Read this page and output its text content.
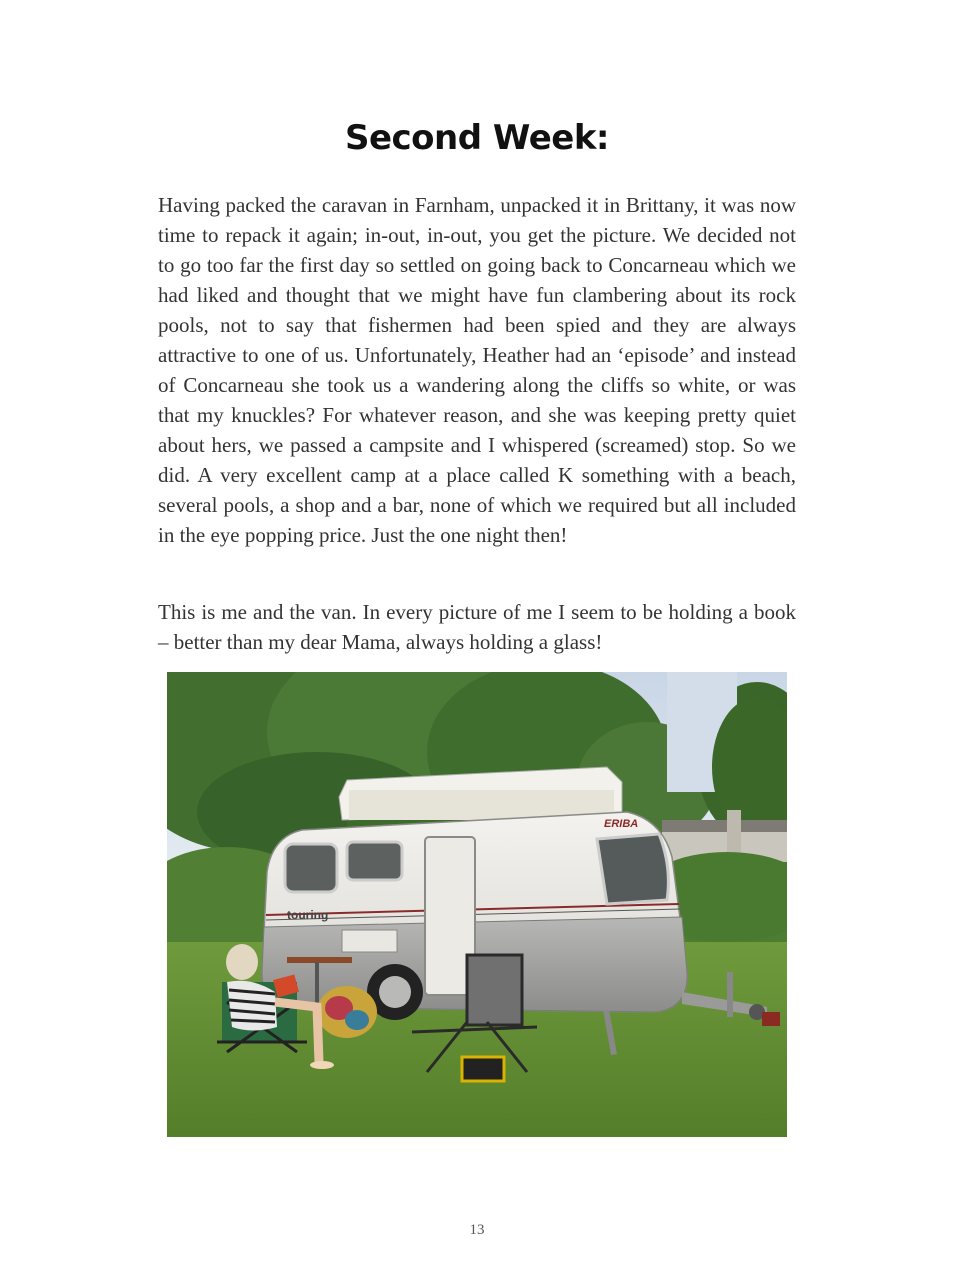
Second Week:

Having packed the caravan in Farnham, unpacked it in Brittany, it was now time to repack it again; in-out, in-out, you get the picture. We decided not to go too far the first day so settled on going back to Concarneau which we had liked and thought that we might have fun clambering about its rock pools, not to say that fishermen had been spied and they are always attractive to one of us. Unfortunately, Heather had an ‘episode’ and instead of Concarneau she took us a wandering along the cliffs so white, or was that my knuckles? For whatever reason, and she was keeping pretty quiet about hers, we passed a campsite and I whispered (screamed) stop. So we did. A very excellent camp at a place called K something with a beach, several pools, a shop and a bar, none of which we required but all included in the eye popping price. Just the one night then!

This is me and the van. In every picture of me I seem to be holding a book – better than my dear Mama, always holding a glass!

ERIBA
touring
13
